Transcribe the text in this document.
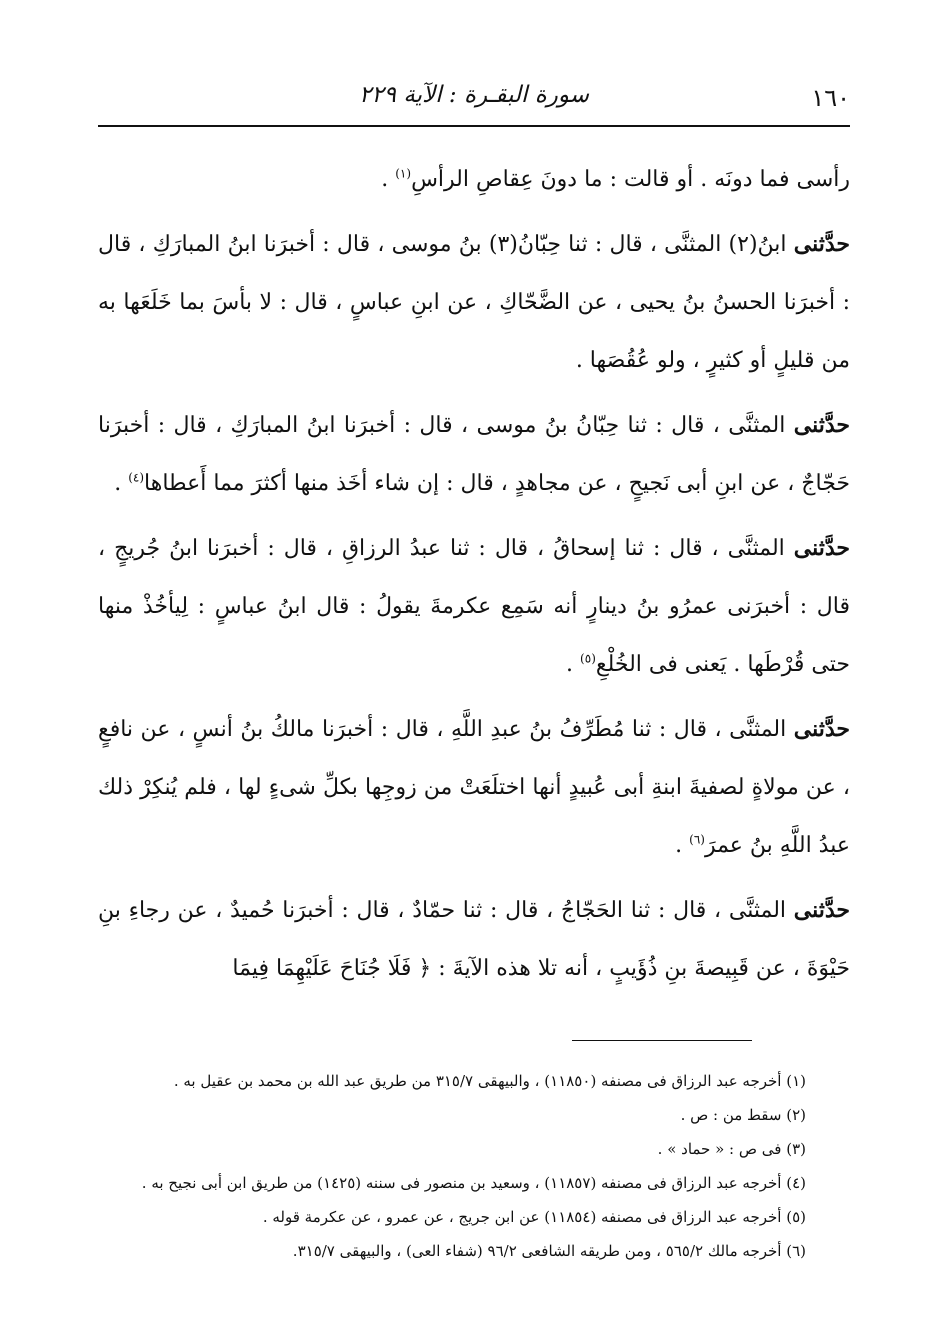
١٦٠
سورة البقـرة : الآية ٢٢٩

رأسى فما دونَه . أو قالت : ما دونَ عِقاصِ الرأسِ$^{(١)}$ .

حدَّثنى ابنُ(٢) المثنَّى ، قال : ثنا حِبّانُ(٣) بنُ موسى ، قال : أخبرَنا ابنُ المبارَكِ ، قال : أخبرَنا الحسنُ بنُ يحيى ، عن الضَّحّاكِ ، عن ابنِ عباسٍ ، قال : لا بأسَ بما خَلَعَها به من قليلٍ أو كثيرٍ ، ولو عُقُصَها .

حدَّثنى المثنَّى ، قال : ثنا حِبّانُ بنُ موسى ، قال : أخبرَنا ابنُ المبارَكِ ، قال : أخبرَنا حَجّاجٌ ، عن ابنِ أبى نَجيحٍ ، عن مجاهدٍ ، قال : إن شاء أخَذ منها أكثرَ مما أَعطاها$^{(٤)}$ .

حدَّثنى المثنَّى ، قال : ثنا إسحاقُ ، قال : ثنا عبدُ الرزاقِ ، قال : أخبرَنا ابنُ جُريجٍ ، قال : أخبرَنى عمرُو بنُ دينارٍ أنه سَمِع عكرمةَ يقولُ : قال ابنُ عباسٍ : لِيأخُذْ منها حتى قُرْطَها . يَعنى فى الخُلْعِ$^{(٥)}$ .

حدَّثنى المثنَّى ، قال : ثنا مُطَرِّفُ بنُ عبدِ اللَّهِ ، قال : أخبرَنا مالكُ بنُ أنسٍ ، عن نافعٍ ، عن مولاةٍ لصفيةَ ابنةِ أبى عُبيدٍ أنها اختلَعَتْ من زوجِها بكلِّ شىءٍ لها ، فلم يُنكِرْ ذلك عبدُ اللَّهِ بنُ عمرَ$^{(٦)}$ .

حدَّثنى المثنَّى ، قال : ثنا الحَجّاجُ ، قال : ثنا حمّادٌ ، قال : أخبرَنا حُميدٌ ، عن رجاءِ بنِ حَيْوَةَ ، عن قَبِيصةَ بنِ ذُؤَيبٍ ، أنه تلا هذه الآيةَ : ﴿ فَلَا جُنَاحَ عَلَيْهِمَا فِيمَا

(١) أخرجه عبد الرزاق فى مصنفه (١١٨٥٠) ، والبيهقى ٣١٥/٧ من طريق عبد الله بن محمد بن عقيل به .

(٢) سقط من : ص .

(٣) فى ص : « حماد » .

(٤) أخرجه عبد الرزاق فى مصنفه (١١٨٥٧) ، وسعيد بن منصور فى سننه (١٤٢٥) من طريق ابن أبى نجيح به .

(٥) أخرجه عبد الرزاق فى مصنفه (١١٨٥٤) عن ابن جريج ، عن عمرو ، عن عكرمة قوله .

(٦) أخرجه مالك ٥٦٥/٢ ، ومن طريقه الشافعى ٩٦/٢ (شفاء العى) ، والبيهقى ٣١٥/٧.
